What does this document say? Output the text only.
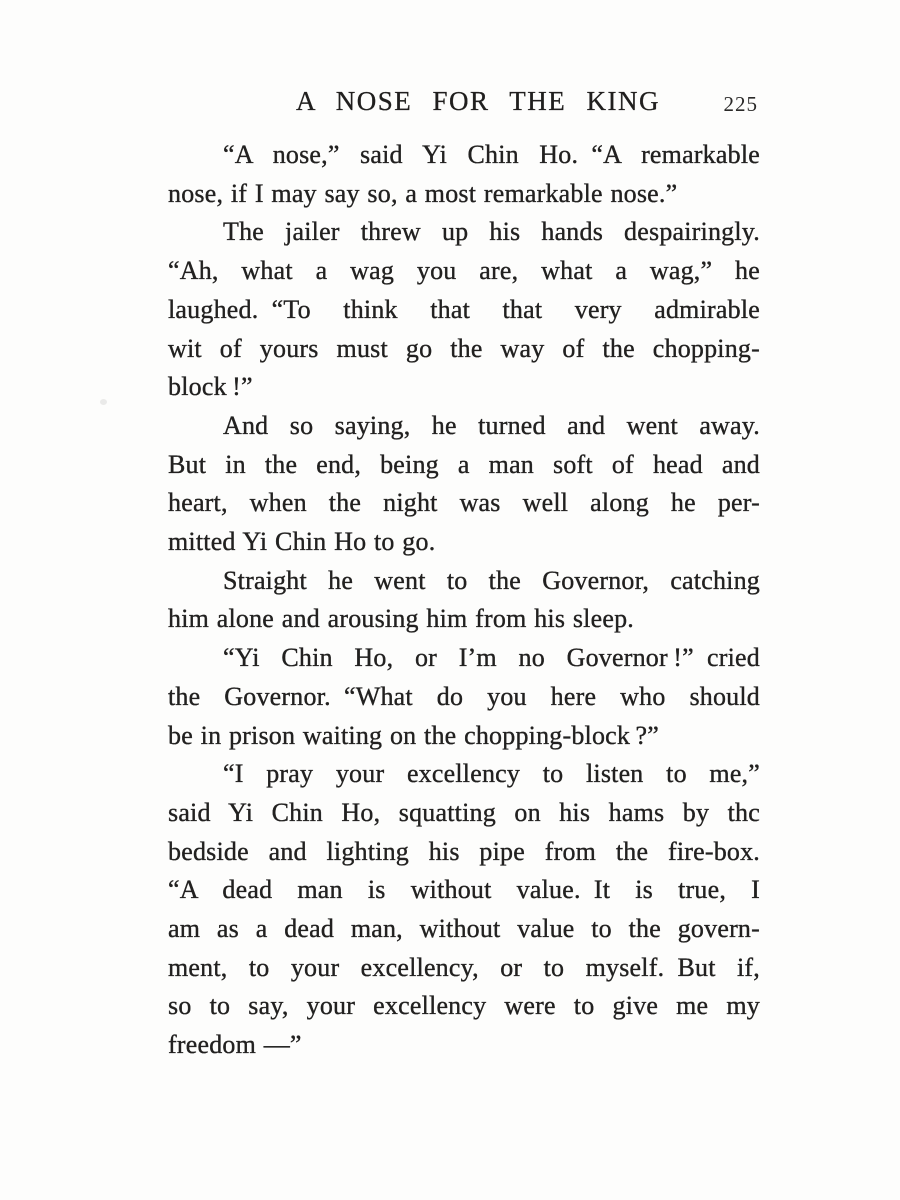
A NOSE FOR THE KING	225
“A nose,” said Yi Chin Ho. “A remarkable
nose, if I may say so, a most remarkable nose.”
The jailer threw up his hands despairingly.
“Ah, what a wag you are, what a wag,” he
laughed. “To think that that very admirable
wit of yours must go the way of the chopping-
block !”
And so saying, he turned and went away.
But in the end, being a man soft of head and
heart, when the night was well along he per-
mitted Yi Chin Ho to go.
Straight he went to the Governor, catching
him alone and arousing him from his sleep.
“Yi Chin Ho, or I’m no Governor !” cried
the Governor. “What do you here who should
be in prison waiting on the chopping-block ?”
“I pray your excellency to listen to me,”
said Yi Chin Ho, squatting on his hams by thc
bedside and lighting his pipe from the fire-box.
“A dead man is without value. It is true, I
am as a dead man, without value to the govern-
ment, to your excellency, or to myself. But if,
so to say, your excellency were to give me my
freedom —”
